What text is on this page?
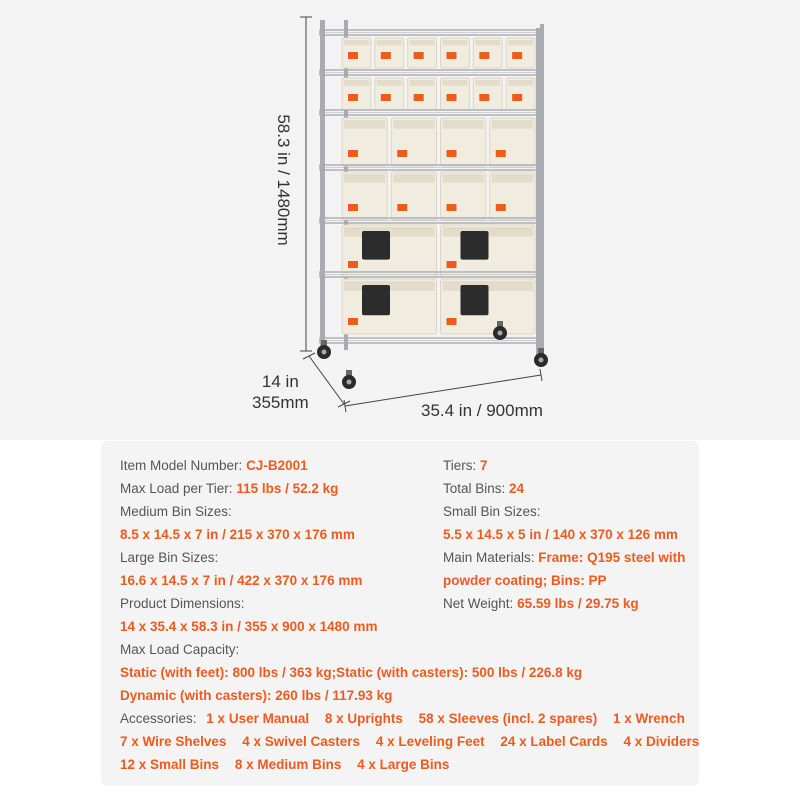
58.3 in / 1480mm
14 in
355mm	35.4 in / 900mm
Item Model Number: CJ-B2001	Tiers: 7
Max Load per Tier: 115 lbs / 52.2 kg	Total Bins: 24
Medium Bin Sizes:	Small Bin Sizes:
8.5 x 14.5 x 7 in / 215 x 370 x 176 mm	5.5 x 14.5 x 5 in / 140 x 370 x 126 mm
Large Bin Sizes:	Main Materials: Frame: Q195 steel with
16.6 x 14.5 x 7 in / 422 x 370 x 176 mm	powder coating; Bins: PP
Product Dimensions:	Net Weight: 65.59 lbs / 29.75 kg
14 x 35.4 x 58.3 in / 355 x 900 x 1480 mm
Max Load Capacity:
Static (with feet): 800 lbs / 363 kg;Static (with casters): 500 lbs / 226.8 kg
Dynamic (with casters): 260 lbs / 117.93 kg
Accessories: 1 x User Manual 8 x Uprights 58 x Sleeves (incl. 2 spares) 1 x Wrench
7 x Wire Shelves 4 x Swivel Casters 4 x Leveling Feet 24 x Label Cards 4 x Dividers
12 x Small Bins 8 x Medium Bins 4 x Large Bins
